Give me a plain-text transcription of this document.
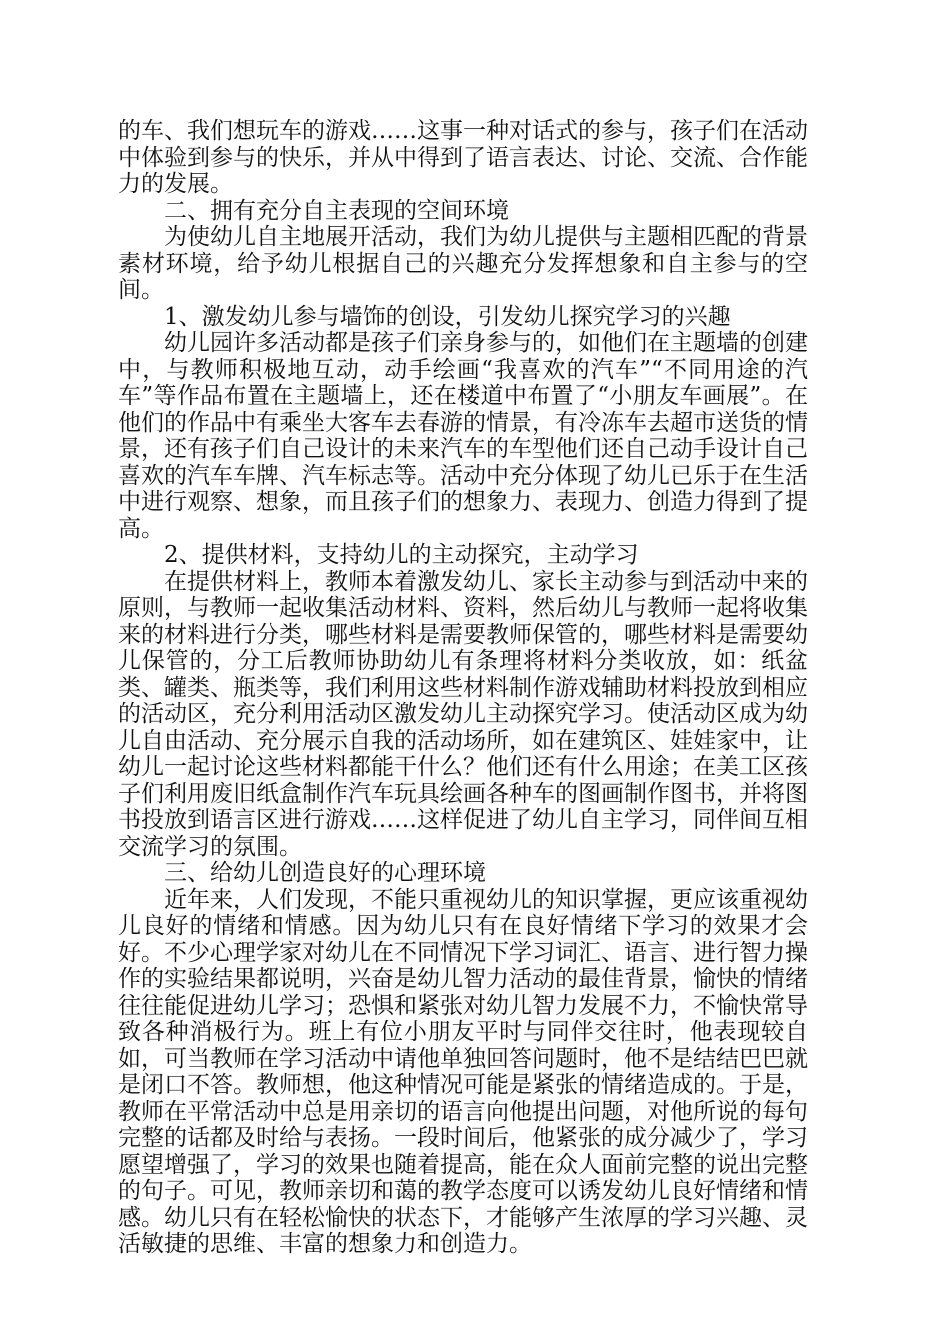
的车、我们想玩车的游戏……这事一种对话式的参与，孩子们在活动中体验到参与的快乐，并从中得到了语言表达、讨论、交流、合作能力的发展。

二、拥有充分自主表现的空间环境

为使幼儿自主地展开活动，我们为幼儿提供与主题相匹配的背景素材环境，给予幼儿根据自己的兴趣充分发挥想象和自主参与的空间。

1、激发幼儿参与墙饰的创设，引发幼儿探究学习的兴趣

幼儿园许多活动都是孩子们亲身参与的，如他们在主题墙的创建中，与教师积极地互动，动手绘画“我喜欢的汽车”“不同用途的汽车”等作品布置在主题墙上，还在楼道中布置了“小朋友车画展”。在他们的作品中有乘坐大客车去春游的情景，有冷冻车去超市送货的情景，还有孩子们自己设计的未来汽车的车型他们还自己动手设计自己喜欢的汽车车牌、汽车标志等。活动中充分体现了幼儿已乐于在生活中进行观察、想象，而且孩子们的想象力、表现力、创造力得到了提高。

2、提供材料，支持幼儿的主动探究，主动学习

在提供材料上，教师本着激发幼儿、家长主动参与到活动中来的原则，与教师一起收集活动材料、资料，然后幼儿与教师一起将收集来的材料进行分类，哪些材料是需要教师保管的，哪些材料是需要幼儿保管的，分工后教师协助幼儿有条理将材料分类收放，如：纸盆类、罐类、瓶类等，我们利用这些材料制作游戏辅助材料投放到相应的活动区，充分利用活动区激发幼儿主动探究学习。使活动区成为幼儿自由活动、充分展示自我的活动场所，如在建筑区、娃娃家中，让幼儿一起讨论这些材料都能干什么？他们还有什么用途；在美工区孩子们利用废旧纸盒制作汽车玩具绘画各种车的图画制作图书，并将图书投放到语言区进行游戏……这样促进了幼儿自主学习，同伴间互相交流学习的氛围。

三、给幼儿创造良好的心理环境

近年来，人们发现，不能只重视幼儿的知识掌握，更应该重视幼儿良好的情绪和情感。因为幼儿只有在良好情绪下学习的效果才会好。不少心理学家对幼儿在不同情况下学习词汇、语言、进行智力操作的实验结果都说明，兴奋是幼儿智力活动的最佳背景，愉快的情绪往往能促进幼儿学习；恐惧和紧张对幼儿智力发展不力，不愉快常导致各种消极行为。班上有位小朋友平时与同伴交往时，他表现较自如，可当教师在学习活动中请他单独回答问题时，他不是结结巴巴就是闭口不答。教师想，他这种情况可能是紧张的情绪造成的。于是，教师在平常活动中总是用亲切的语言向他提出问题，对他所说的每句完整的话都及时给与表扬。一段时间后，他紧张的成分减少了，学习愿望增强了，学习的效果也随着提高，能在众人面前完整的说出完整的句子。可见，教师亲切和蔼的教学态度可以诱发幼儿良好情绪和情感。幼儿只有在轻松愉快的状态下，才能够产生浓厚的学习兴趣、灵活敏捷的思维、丰富的想象力和创造力。
